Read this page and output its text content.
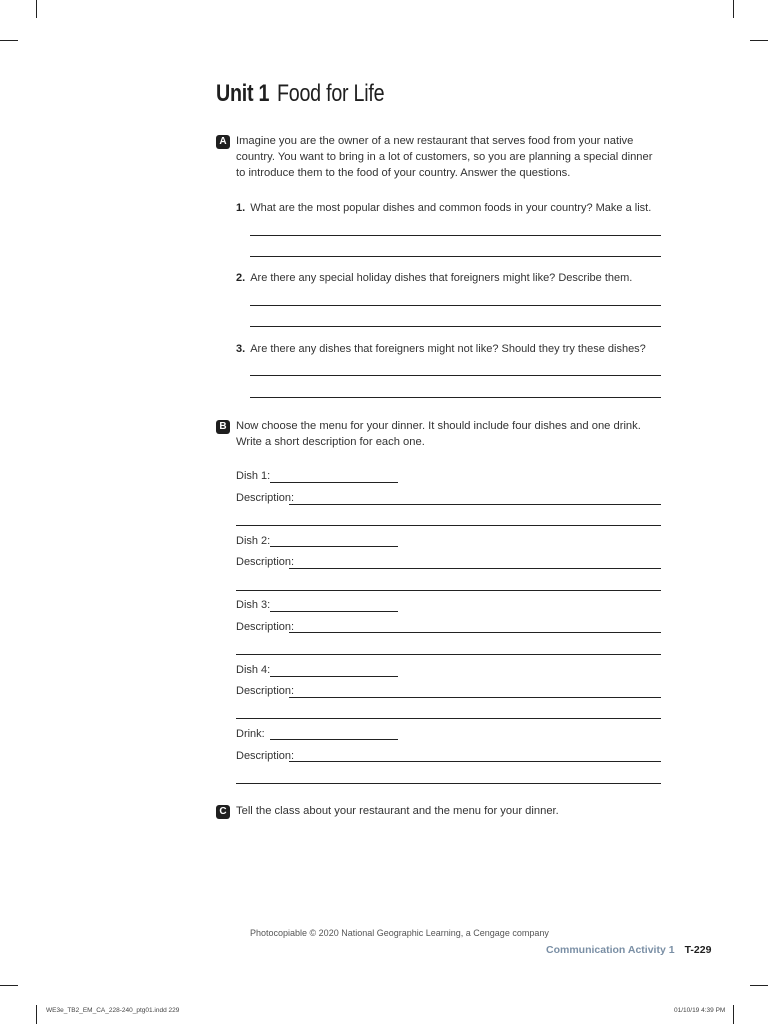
Unit 1 Food for Life
A Imagine you are the owner of a new restaurant that serves food from your native country. You want to bring in a lot of customers, so you are planning a special dinner to introduce them to the food of your country. Answer the questions.
1. What are the most popular dishes and common foods in your country? Make a list.
2. Are there any special holiday dishes that foreigners might like? Describe them.
3. Are there any dishes that foreigners might not like? Should they try these dishes?
B Now choose the menu for your dinner. It should include four dishes and one drink. Write a short description for each one.
Dish 1:
Description:
Dish 2:
Description:
Dish 3:
Description:
Dish 4:
Description:
Drink:
Description:
C Tell the class about your restaurant and the menu for your dinner.
Photocopiable © 2020 National Geographic Learning, a Cengage company
Communication Activity 1 T-229
WE3e_TB2_EM_CA_228-240_ptg01.indd 229	01/10/19 4:39 PM
